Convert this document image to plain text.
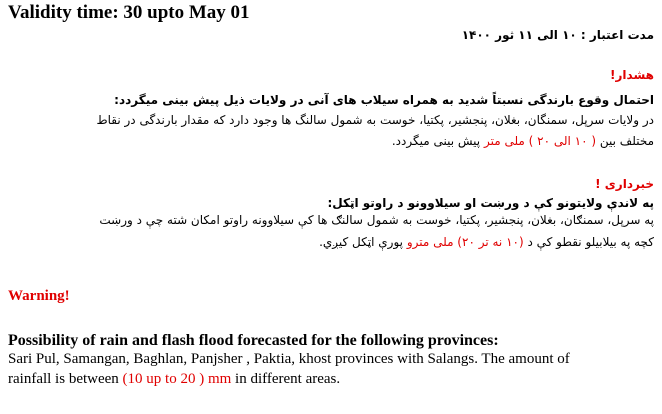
Validity time: 30 upto May 01
مدت اعتبار : ۱۰ الی ۱۱ ثور ۱۴۰۰
هشدار!
احتمال وقوع بارندگی نسبتاً شدید به همراه سیلاب های آنی در ولایات ذیل پیش بینی میگردد:
در ولایات سرپل، سمنگان، بغلان، پنجشیر، پکتیا، خوست به شمول سالنگ ها وجود دارد که مقدار بارندگی در نقاط
مختلف بین ( ۱۰ الی ۲۰ ) ملی متر پیش بینی میگردد.
خبرداری !
په لاندې ولایتونو کې د ورښت او سیلاوونو د راوتو اټکل:
په سرپل، سمنګان، بغلان، پنجشیر، پکتیا، خوست به شمول سالنګ ها کې سیلاوونه راوتو امکان شته چې د ورښت
کچه په بیلابیلو نقطو کې د (۱۰ نه تر ۲۰) ملی مترو پورې اټکل کیږي.
Warning!
Possibility of rain and flash flood forecasted for the following provinces:
Sari Pul, Samangan, Baghlan, Panjsher , Paktia, khost provinces with Salangs. The amount of
rainfall is between (10 up to 20 ) mm in different areas.
